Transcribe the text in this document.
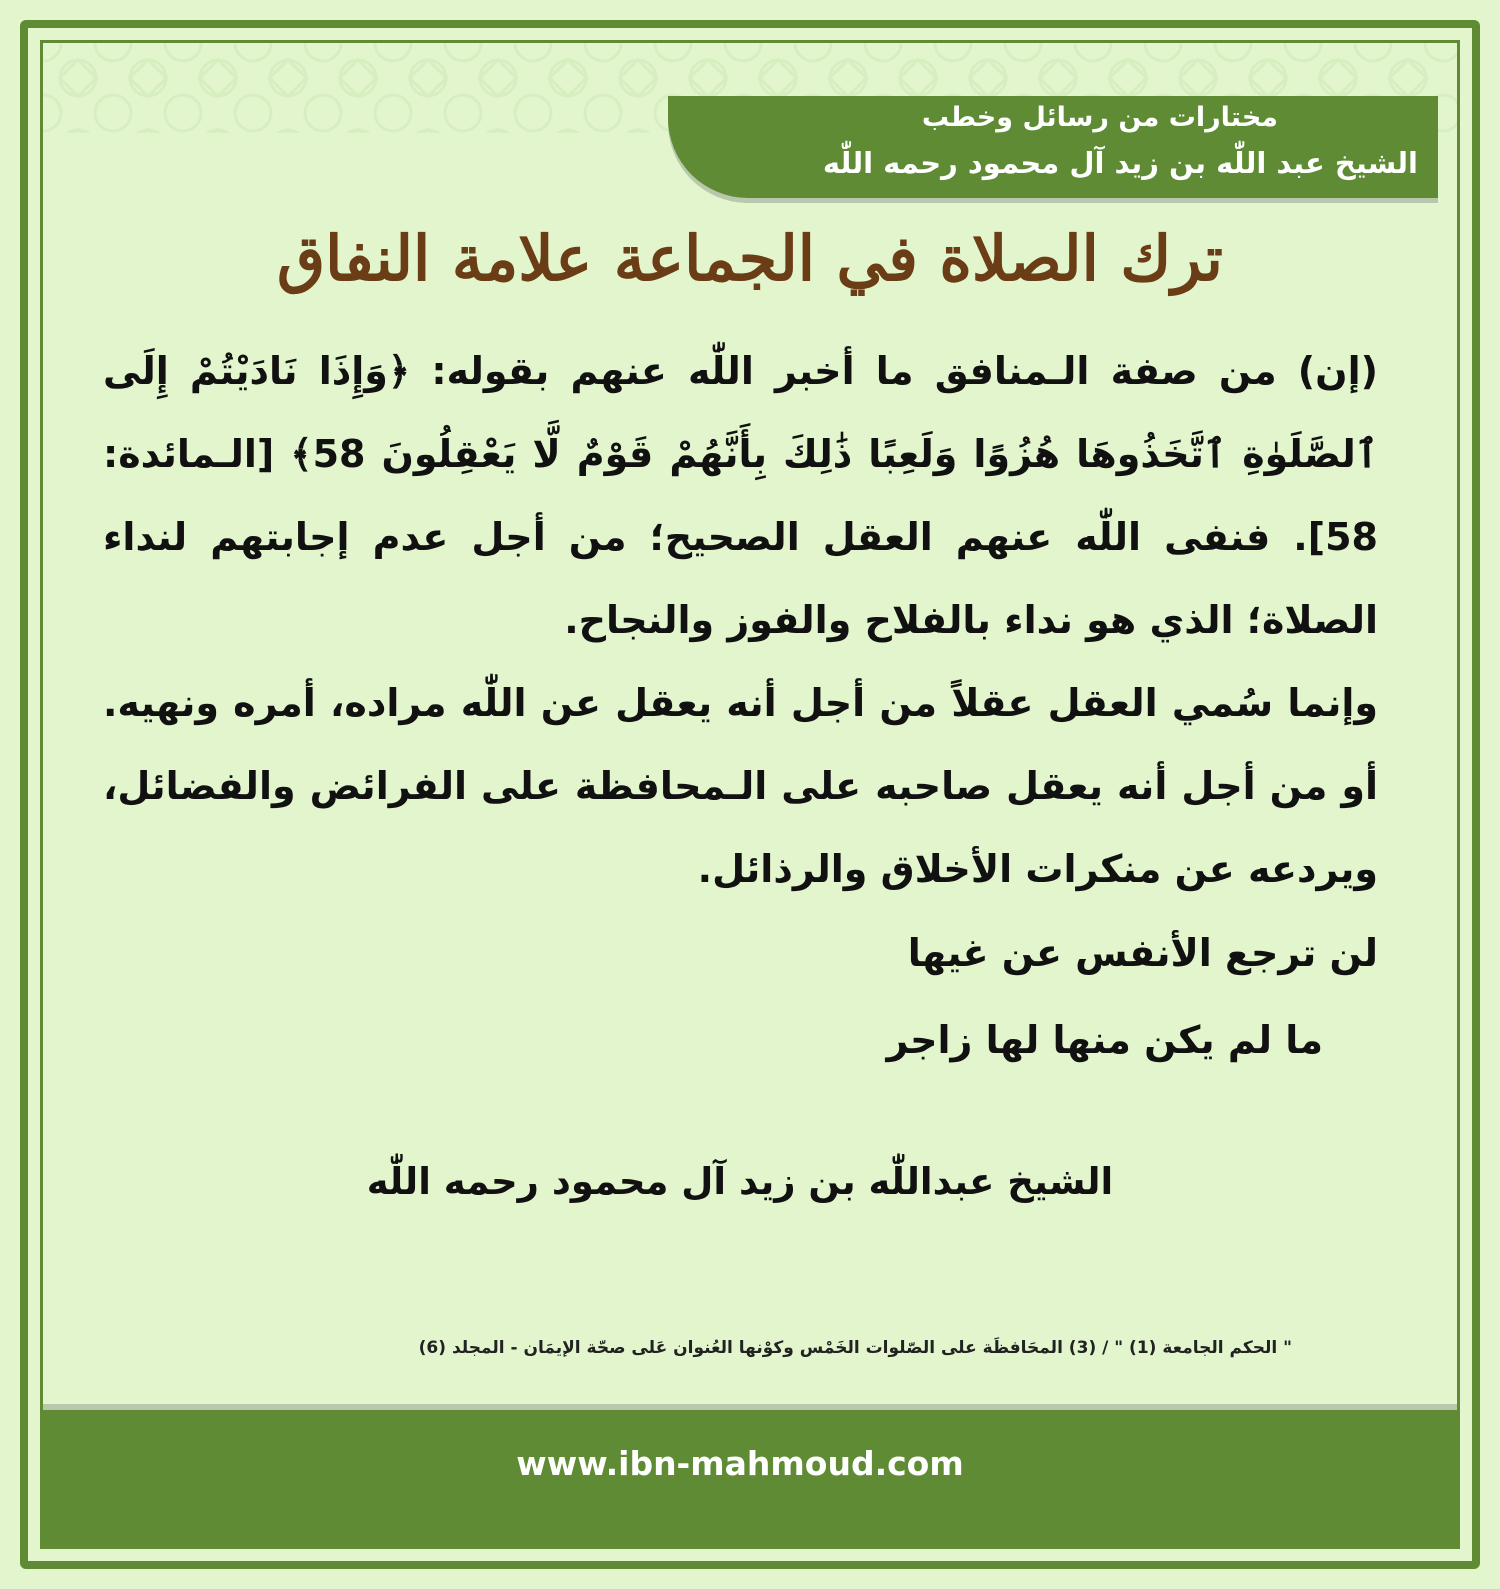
مختارات من رسائل وخطب
الشيخ عبد اللّٰه بن زيد آل محمود رحمه اللّٰه
ترك الصلاة في الجماعة علامة النفاق

(إن) من صفة الـمنافق ما أخبر اللّٰه عنهم بقوله: ﴿وَإِذَا نَادَيْتُمْ إِلَى ٱلصَّلَوٰةِ ٱتَّخَذُوهَا هُزُوًا وَلَعِبًا ذَٰلِكَ بِأَنَّهُمْ قَوْمٌ لَّا يَعْقِلُونَ 58﴾ [الـمائدة: 58]. فنفى اللّٰه عنهم العقل الصحيح؛ من أجل عدم إجابتهم لنداء الصلاة؛ الذي هو نداء بالفلاح والفوز والنجاح.

وإنما سُمي العقل عقلاً من أجل أنه يعقل عن اللّٰه مراده، أمره ونهيه. أو من أجل أنه يعقل صاحبه على الـمحافظة على الفرائض والفضائل، ويردعه عن منكرات الأخلاق والرذائل.

لن ترجع الأنفس عن غيها
ما لم يكن منها لها زاجر
الشيخ عبداللّٰه بن زيد آل محمود رحمه اللّٰه
" الحكم الجامعة (1) " / (3) المحَافظَة على الصّلوات الخَمْس وكوْنها العُنوان عَلى صحّة الإيمَان - المجلد (6)
www.ibn-mahmoud.com
